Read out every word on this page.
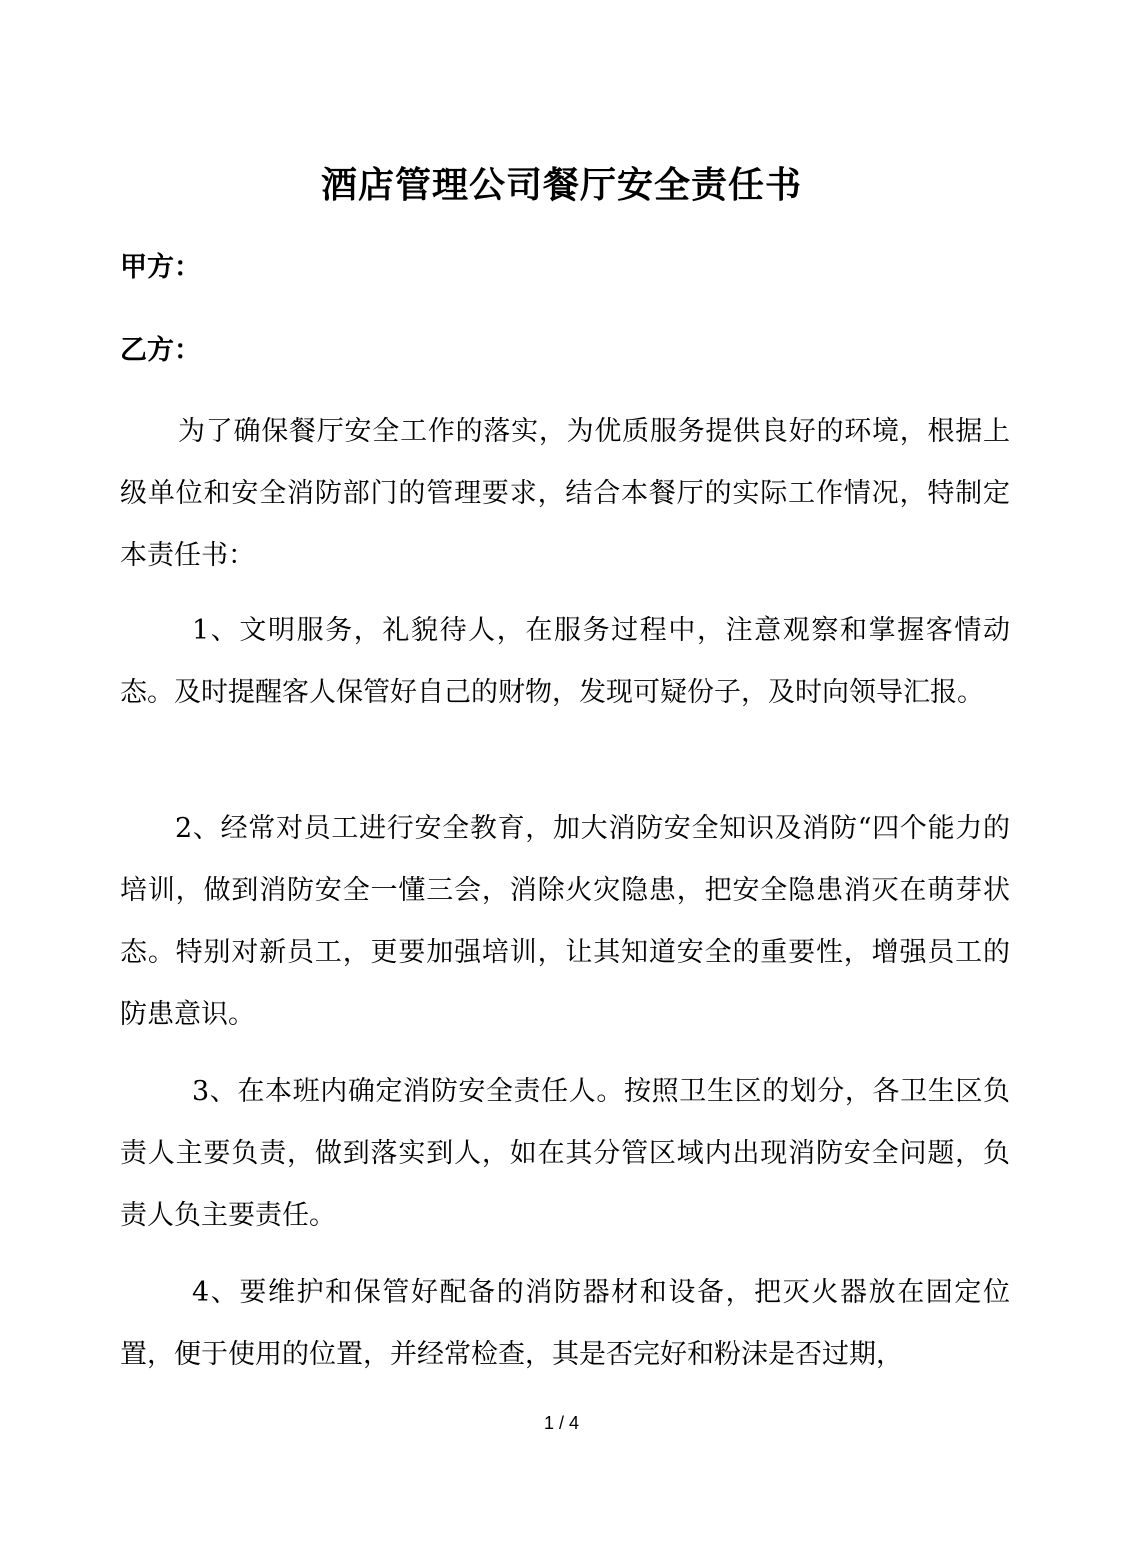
酒店管理公司餐厅安全责任书
甲方：
乙方：
为了确保餐厅安全工作的落实，为优质服务提供良好的环境，根据上级单位和安全消防部门的管理要求，结合本餐厅的实际工作情况，特制定本责任书：
1、文明服务，礼貌待人，在服务过程中，注意观察和掌握客情动态。及时提醒客人保管好自己的财物，发现可疑份子，及时向领导汇报。
2、经常对员工进行安全教育，加大消防安全知识及消防“四个能力的培训，做到消防安全一懂三会，消除火灾隐患，把安全隐患消灭在萌芽状态。特别对新员工，更要加强培训，让其知道安全的重要性，增强员工的防患意识。
3、在本班内确定消防安全责任人。按照卫生区的划分，各卫生区负责人主要负责，做到落实到人，如在其分管区域内出现消防安全问题，负责人负主要责任。
4、要维护和保管好配备的消防器材和设备，把灭火器放在固定位置，便于使用的位置，并经常检查，其是否完好和粉沫是否过期，
1 / 4
